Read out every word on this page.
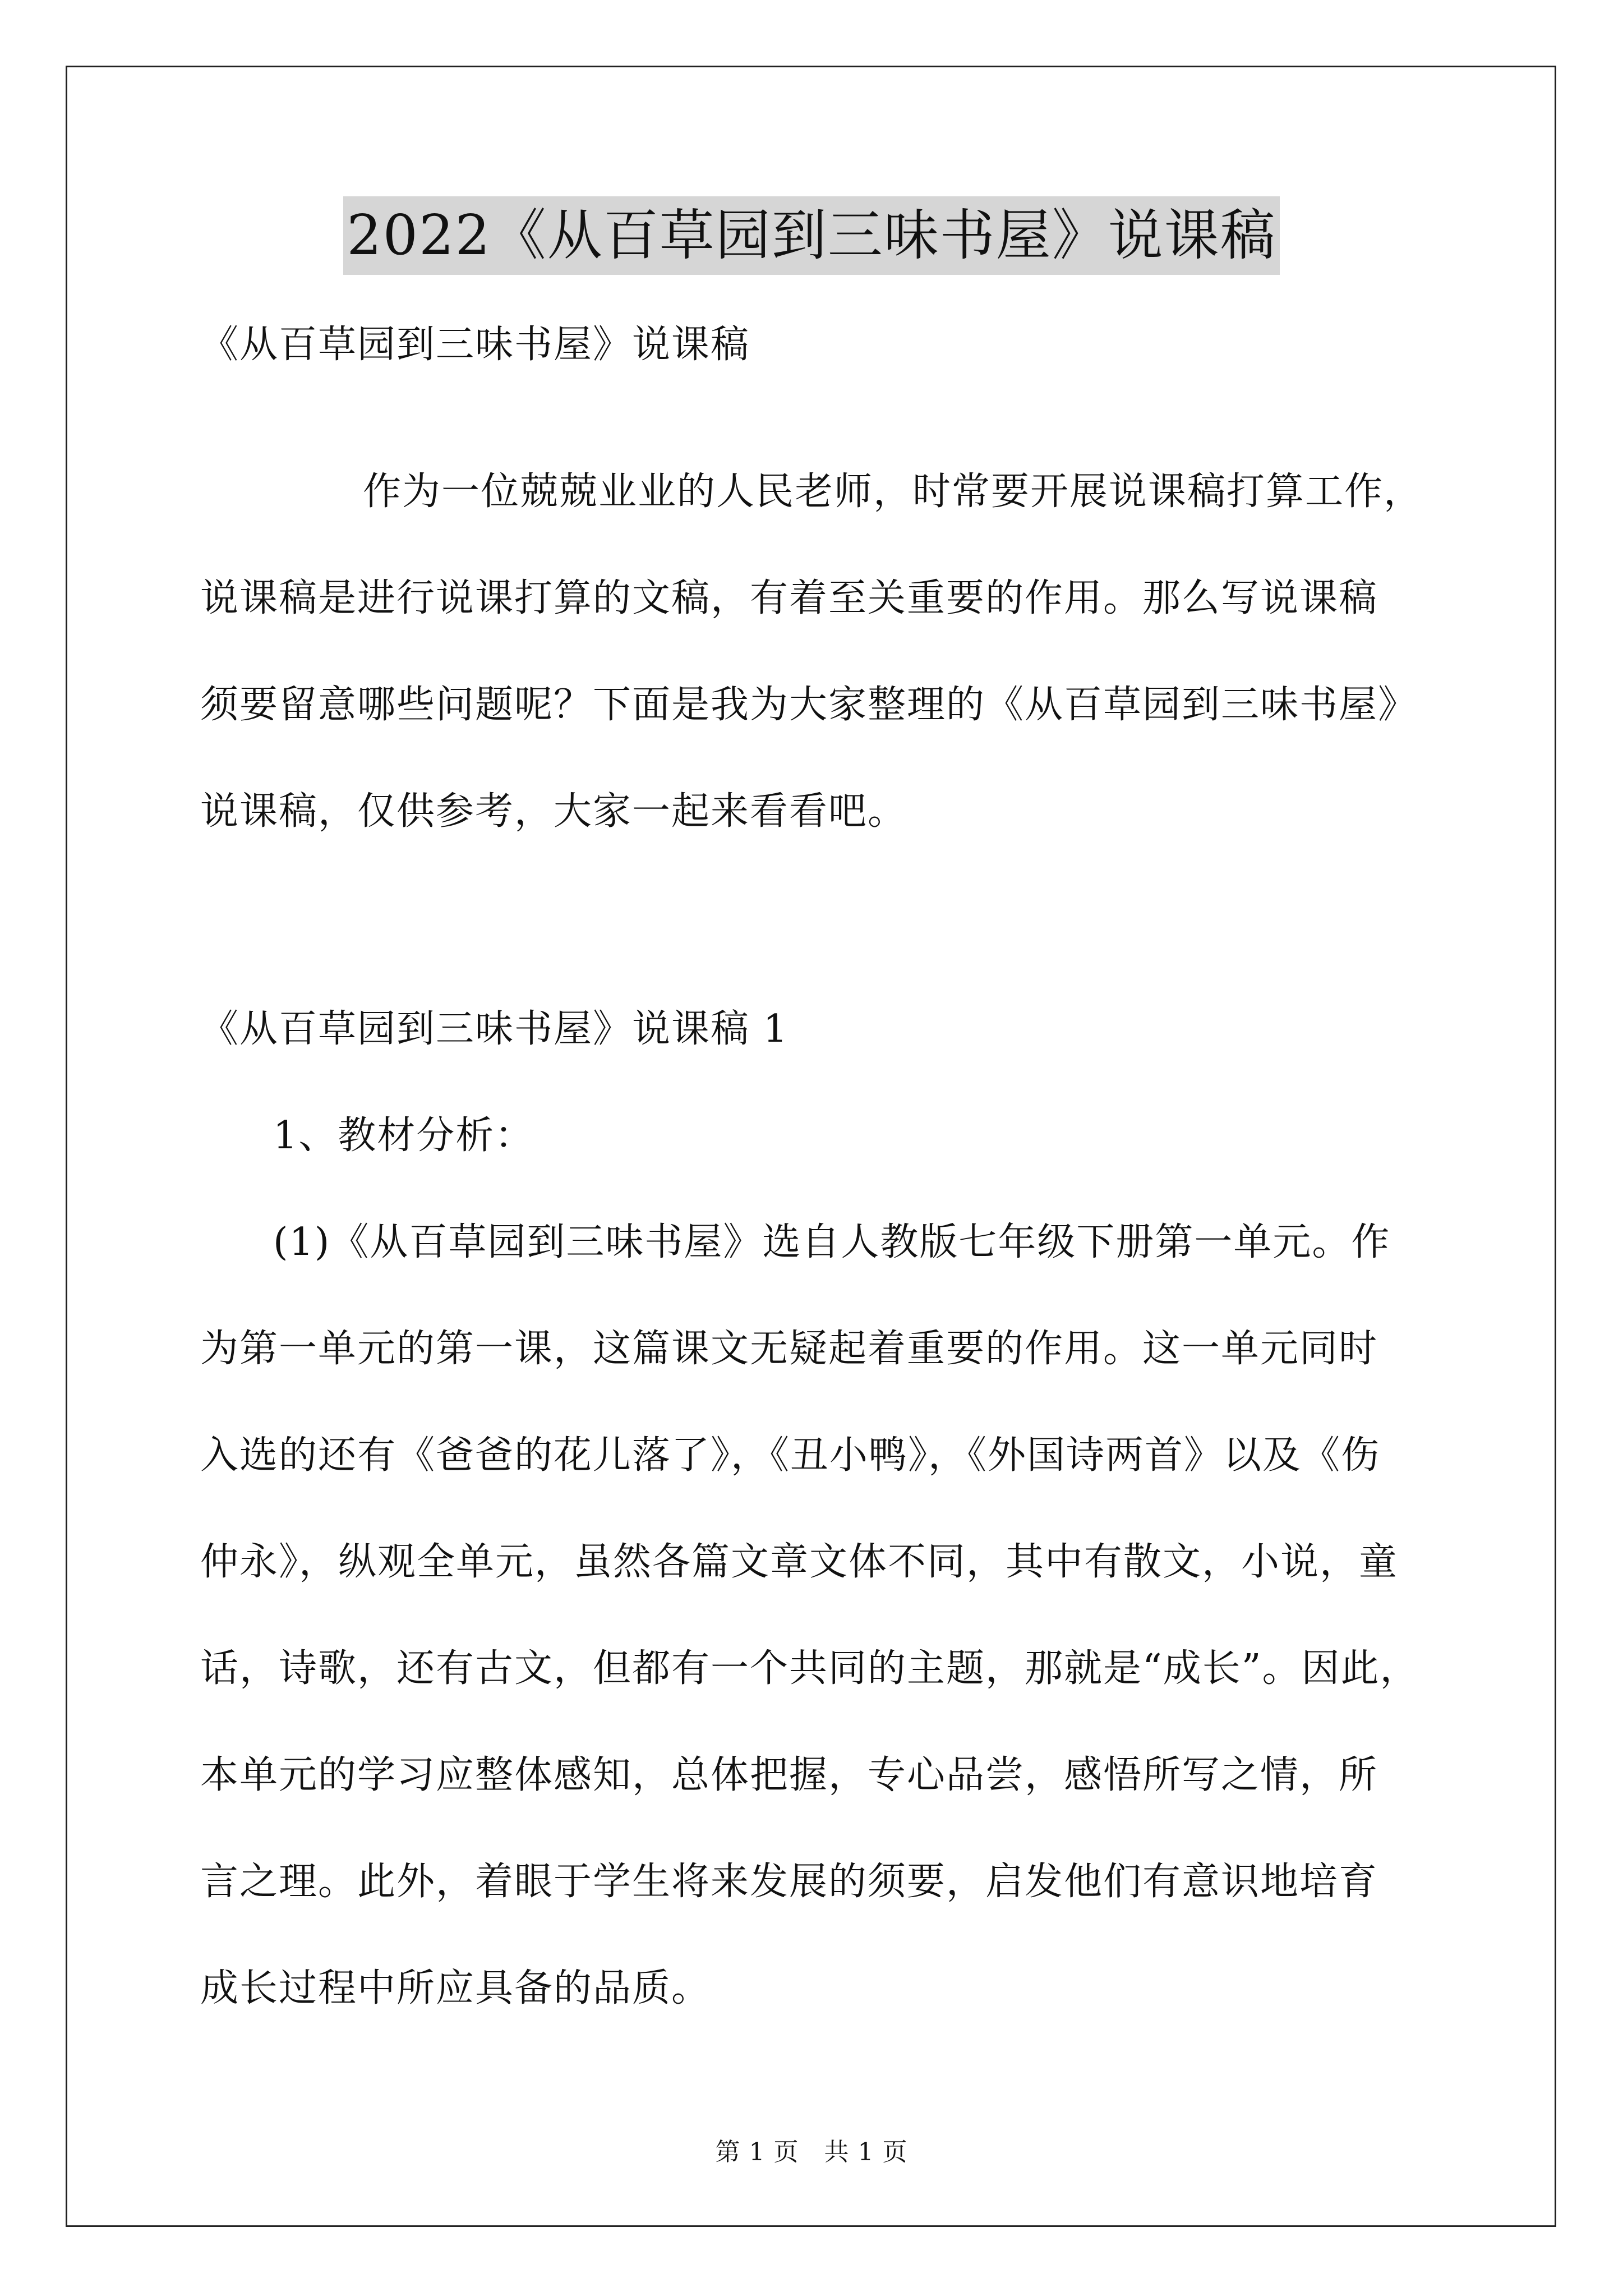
2022《从百草园到三味书屋》说课稿
《从百草园到三味书屋》说课稿
作为一位兢兢业业的人民老师，时常要开展说课稿打算工作，
说课稿是进行说课打算的文稿，有着至关重要的作用。那么写说课稿
须要留意哪些问题呢？下面是我为大家整理的《从百草园到三味书屋》
说课稿，仅供参考，大家一起来看看吧。
《从百草园到三味书屋》说课稿 1
1、教材分析：
(1)《从百草园到三味书屋》选自人教版七年级下册第一单元。作
为第一单元的第一课，这篇课文无疑起着重要的作用。这一单元同时
入选的还有《爸爸的花儿落了》，《丑小鸭》，《外国诗两首》以及《伤
仲永》，纵观全单元，虽然各篇文章文体不同，其中有散文，小说，童
话，诗歌，还有古文，但都有一个共同的主题，那就是“成长”。因此，
本单元的学习应整体感知，总体把握，专心品尝，感悟所写之情，所
言之理。此外，着眼于学生将来发展的须要，启发他们有意识地培育
成长过程中所应具备的品质。
第 1 页　共 1 页
